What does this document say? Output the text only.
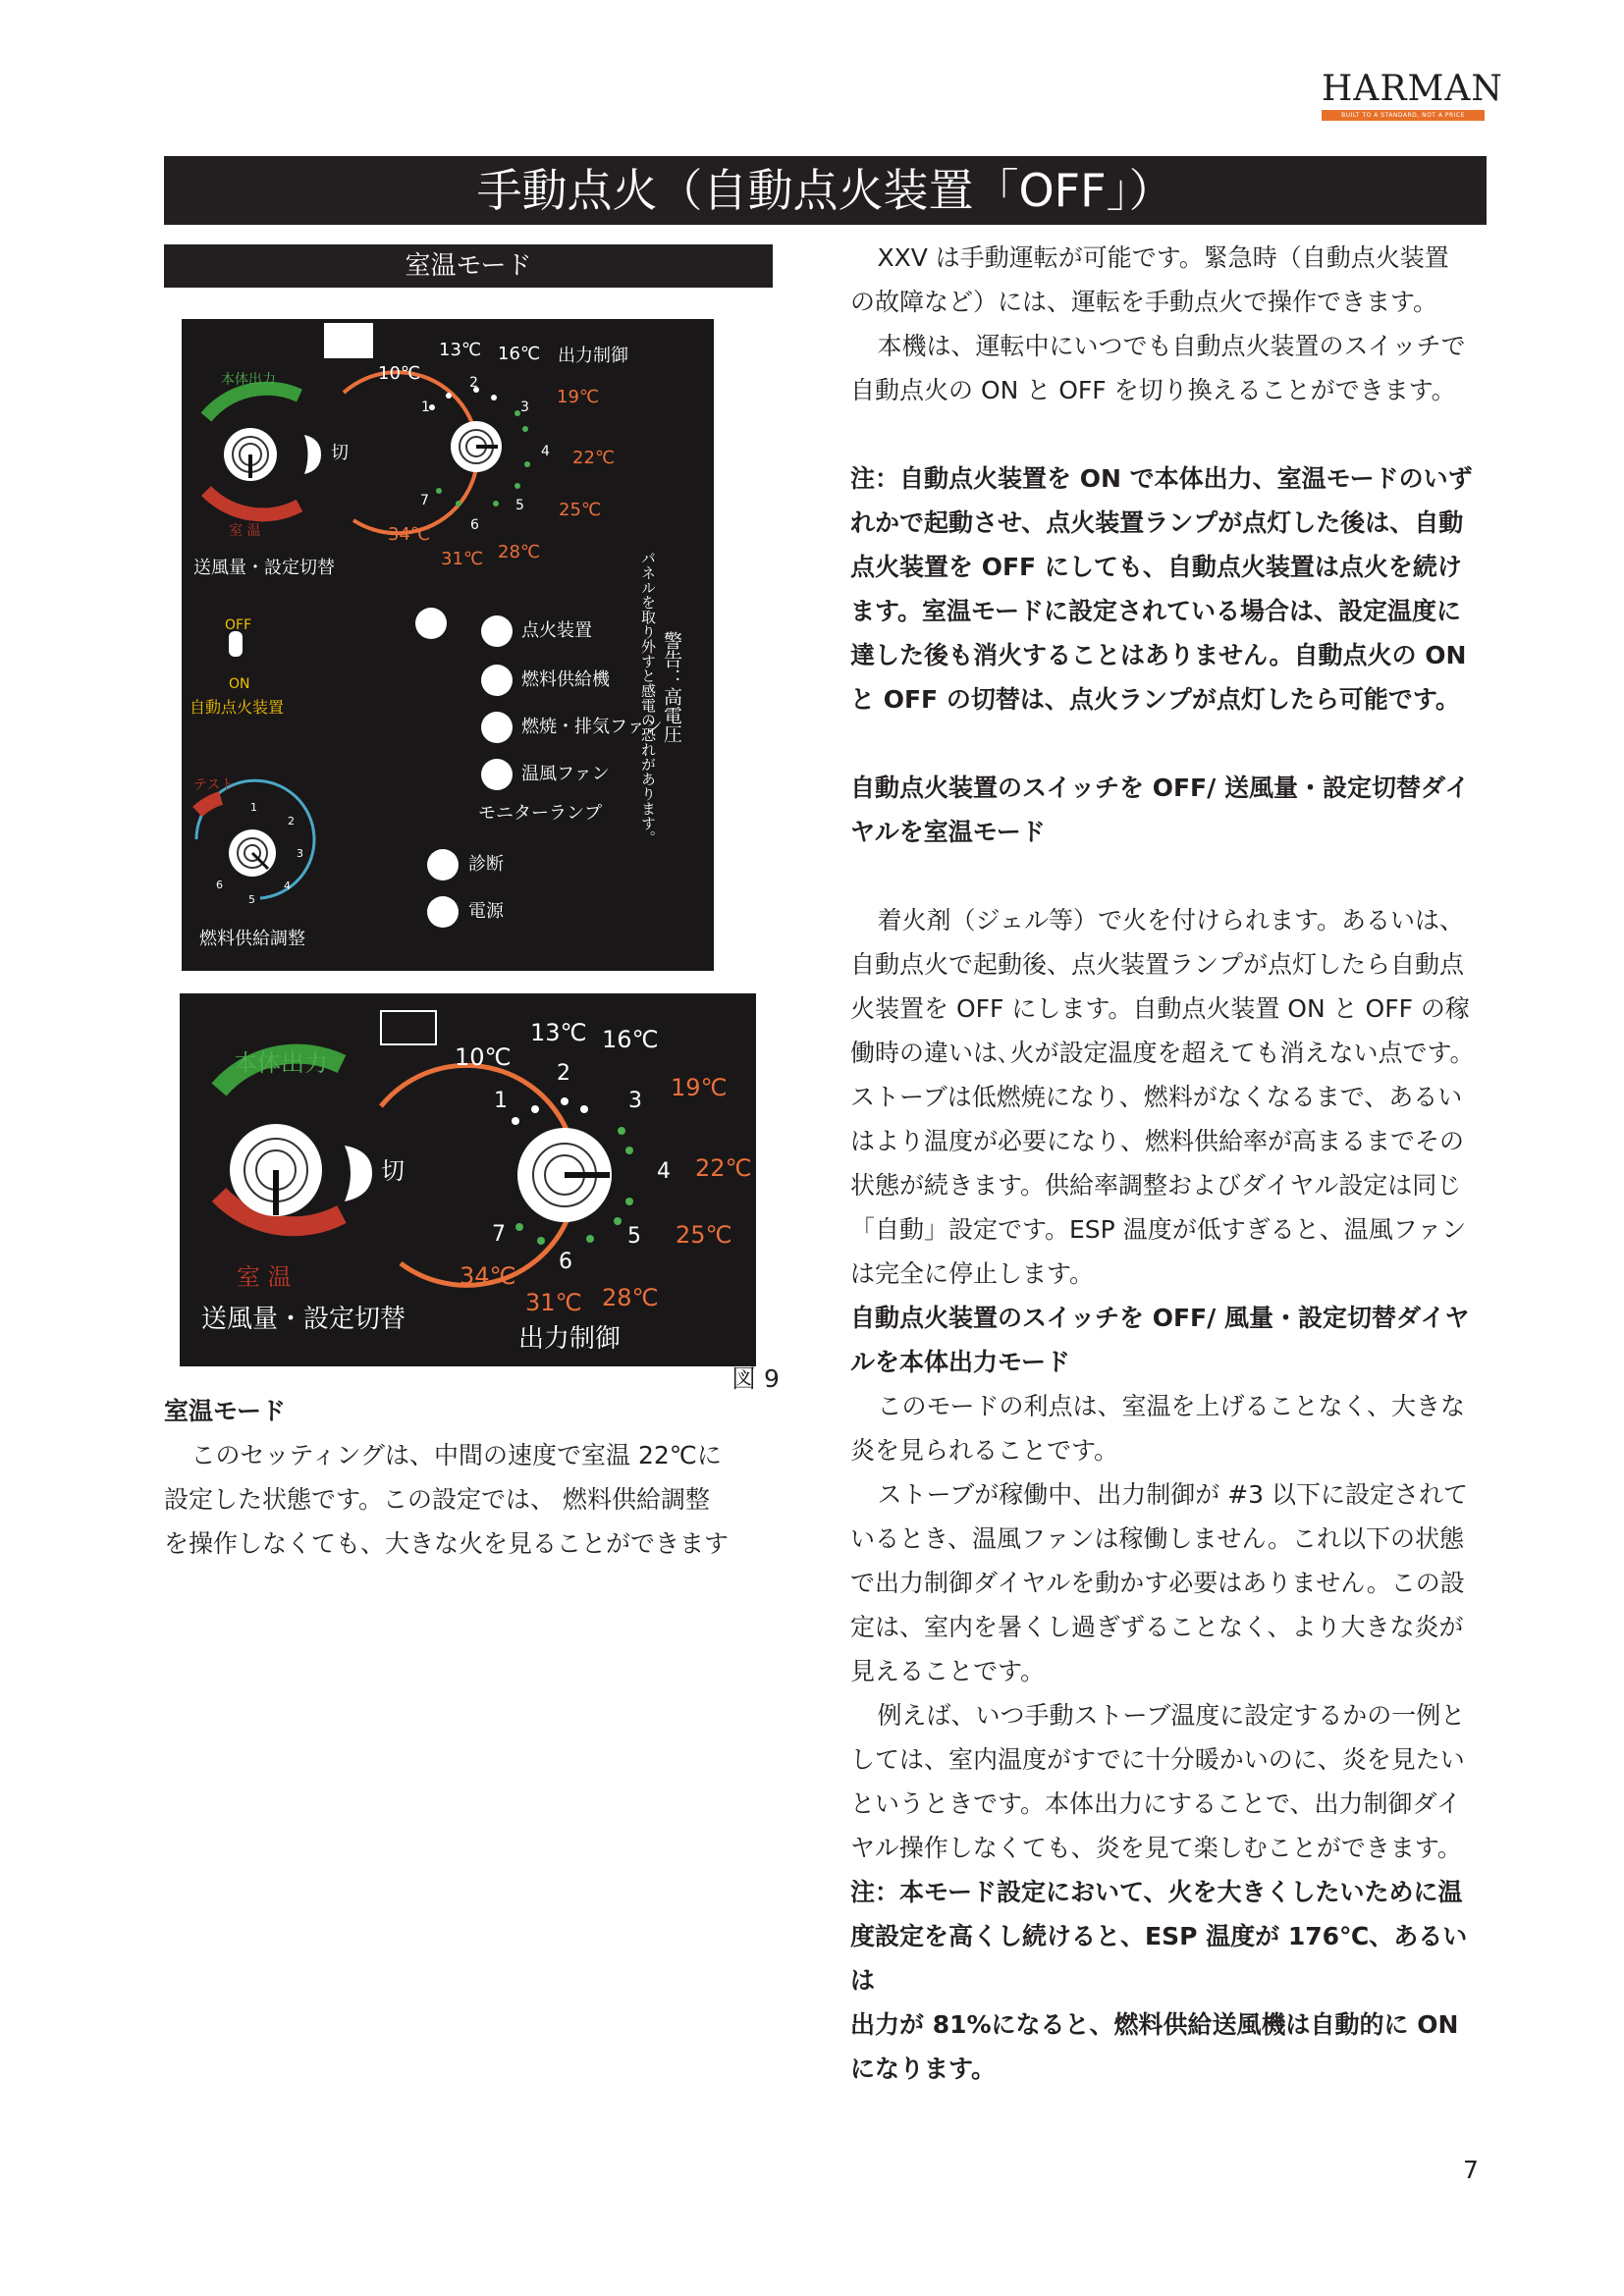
HARMAN
BUILT TO A STANDARD, NOT A PRICE
手動点火（自動点火装置「OFF」）
室温モード
本体出力
室 温
切
送風量・設定切替
出力制御
10℃
13℃ 16℃
19℃
22℃
25℃
28℃
31℃
34℃
1
2
3
4
5
6
7
OFF
ON
自動点火装置
点火装置
燃料供給機
燃焼・排気ファン
温風ファン
モニターランプ
テスト
1
2
3
4
5
6
燃料供給調整
診断
電源
警告：高電圧
パネルを取り外すと感電の恐れがあります。
本体出力
室 温
切
送風量・設定切替
出力制御
10℃
13℃ 16℃
19℃
22℃
25℃
28℃
31℃
34℃
1
2
3
4
5
6
7
図 9

室温モード

このセッティングは、中間の速度で室温 22℃に

設定した状態です。この設定では、 燃料供給調整

を操作しなくても、大きな火を見ることができます

XXV は手動運転が可能です。緊急時（自動点火装置

の故障など）には、運転を手動点火で操作できます。

本機は、運転中にいつでも自動点火装置のスイッチで

自動点火の ON と OFF を切り換えることができます。

注：自動点火装置を ON で本体出力、室温モードのいず

れかで起動させ、点火装置ランプが点灯した後は、自動

点火装置を OFF にしても、自動点火装置は点火を続け

ます。室温モードに設定されている場合は、設定温度に

達した後も消火することはありません。自動点火の ON

と OFF の切替は、点火ランプが点灯したら可能です。

自動点火装置のスイッチを OFF/ 送風量・設定切替ダイ

ヤルを室温モード

着火剤（ジェル等）で火を付けられます。あるいは、

自動点火で起動後、点火装置ランプが点灯したら自動点

火装置を OFF にします。自動点火装置 ON と OFF の稼

働時の違いは､火が設定温度を超えても消えない点です。

ストーブは低燃焼になり、燃料がなくなるまで、あるい

はより温度が必要になり、燃料供給率が高まるまでその

状態が続きます。供給率調整およびダイヤル設定は同じ

「自動」設定です。ESP 温度が低すぎると、温風ファン

は完全に停止します。

自動点火装置のスイッチを OFF/ 風量・設定切替ダイヤ

ルを本体出力モード

このモードの利点は、室温を上げることなく、大きな

炎を見られることです。

ストーブが稼働中、出力制御が #3 以下に設定されて

いるとき、温風ファンは稼働しません。これ以下の状態

で出力制御ダイヤルを動かす必要はありません。この設

定は、室内を暑くし過ぎずることなく、より大きな炎が

見えることです。

例えば、いつ手動ストーブ温度に設定するかの一例と

しては、室内温度がすでに十分暖かいのに、炎を見たい

というときです。本体出力にすることで、出力制御ダイ

ヤル操作しなくても、炎を見て楽しむことができます。

注：本モード設定において、火を大きくしたいために温

度設定を高くし続けると、ESP 温度が 176℃、あるいは

出力が 81%になると、燃料供給送風機は自動的に ON

になります。

7
